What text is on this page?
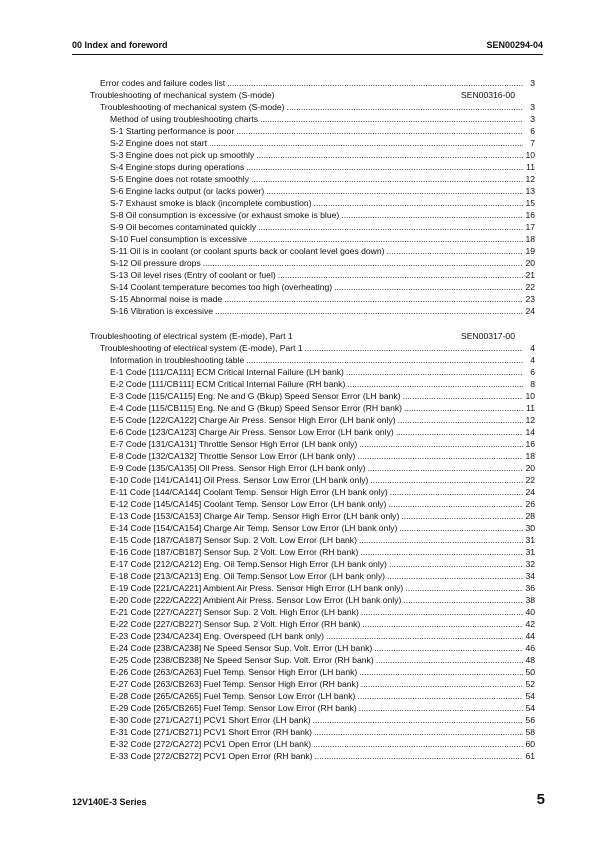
00 Index and foreword	SEN00294-04
Error codes and failure codes list .....	3
Troubleshooting of mechanical system (S-mode)	SEN00316-00
Troubleshooting of mechanical system (S-mode) .....	3
Method of using troubleshooting charts .....	3
S-1 Starting performance is poor .....	6
S-2 Engine does not start .....	7
S-3 Engine does not pick up smoothly .....	10
S-4 Engine stops during operations .....	11
S-5 Engine does not rotate smoothly .....	12
S-6 Engine lacks output (or lacks power) .....	13
S-7 Exhaust smoke is black (incomplete combustion) .....	15
S-8 Oil consumption is excessive (or exhaust smoke is blue) .....	16
S-9 Oil becomes contaminated quickly .....	17
S-10 Fuel consumption is excessive .....	18
S-11 Oil is in coolant (or coolant spurts back or coolant level goes down) .....	19
S-12 Oil pressure drops .....	20
S-13 Oil level rises (Entry of coolant or fuel) .....	21
S-14 Coolant temperature becomes too high (overheating) .....	22
S-15 Abnormal noise is made .....	23
S-16 Vibration is excessive .....	24
Troubleshooting of electrical system (E-mode), Part 1	SEN00317-00
Troubleshooting of electrical system (E-mode), Part 1 .....	4
Information in troubleshooting table .....	4
E-1 Code [111/CA111] ECM Critical Internal Failure (LH bank) .....	6
E-2 Code [111/CB111] ECM Critical Internal Failure (RH bank) .....	8
E-3 Code [115/CA115] Eng. Ne and G (Bkup) Speed Sensor Error (LH bank) .....	10
E-4 Code [115/CB115] Eng. Ne and G (Bkup) Speed Sensor Error (RH bank) .....	11
E-5 Code [122/CA122] Charge Air Press. Sensor High Error (LH bank only) .....	12
E-6 Code [123/CA123] Charge Air Press. Sensor Low Error (LH bank only) .....	14
E-7 Code [131/CA131] Throttle Sensor High Error (LH bank only) .....	16
E-8 Code [132/CA132] Throttle Sensor Low Error (LH bank only) .....	18
E-9 Code [135/CA135] Oil Press. Sensor High Error (LH bank only) .....	20
E-10 Code [141/CA141] Oil Press. Sensor Low Error (LH bank only) .....	22
E-11 Code [144/CA144] Coolant Temp. Sensor High Error (LH bank only) .....	24
E-12 Code [145/CA145] Coolant Temp. Sensor Low Error (LH bank only) .....	26
E-13 Code [153/CA153] Charge Air Temp. Sensor High Error (LH bank only) .....	28
E-14 Code [154/CA154] Charge Air Temp. Sensor Low Error (LH bank only) .....	30
E-15 Code [187/CA187] Sensor Sup. 2 Volt. Low Error (LH bank) .....	31
E-16 Code [187/CB187] Sensor Sup. 2 Volt. Low Error (RH bank) .....	31
E-17 Code [212/CA212] Eng. Oil Temp.Sensor High Error (LH bank only) .....	32
E-18 Code [213/CA213] Eng. Oil Temp.Sensor Low Error (LH bank only) .....	34
E-19 Code [221/CA221] Ambient Air Press. Sensor High Error (LH bank only) .....	36
E-20 Code [222/CA222] Ambient Air Press. Sensor Low Error (LH bank only) .....	38
E-21 Code [227/CA227] Sensor Sup. 2 Volt. High Error (LH bank) .....	40
E-22 Code [227/CB227] Sensor Sup. 2 Volt. High Error (RH bank) .....	42
E-23 Code [234/CA234] Eng. Overspeed (LH bank only) .....	44
E-24 Code [238/CA238] Ne Speed Sensor Sup. Volt. Error (LH bank) .....	46
E-25 Code [238/CB238] Ne Speed Sensor Sup. Volt. Error (RH bank) .....	48
E-26 Code [263/CA263] Fuel Temp. Sensor High Error (LH bank) .....	50
E-27 Code [263/CB263] Fuel Temp. Sensor High Error (RH bank) .....	52
E-28 Code [265/CA265] Fuel Temp. Sensor Low Error (LH bank) .....	54
E-29 Code [265/CB265] Fuel Temp. Sensor Low Error (RH bank) .....	54
E-30 Code [271/CA271] PCV1 Short Error (LH bank) .....	56
E-31 Code [271/CB271] PCV1 Short Error (RH bank) .....	58
E-32 Code [272/CA272] PCV1 Open Error (LH bank) .....	60
E-33 Code [272/CB272] PCV1 Open Error (RH bank) .....	61
12V140E-3 Series	5
